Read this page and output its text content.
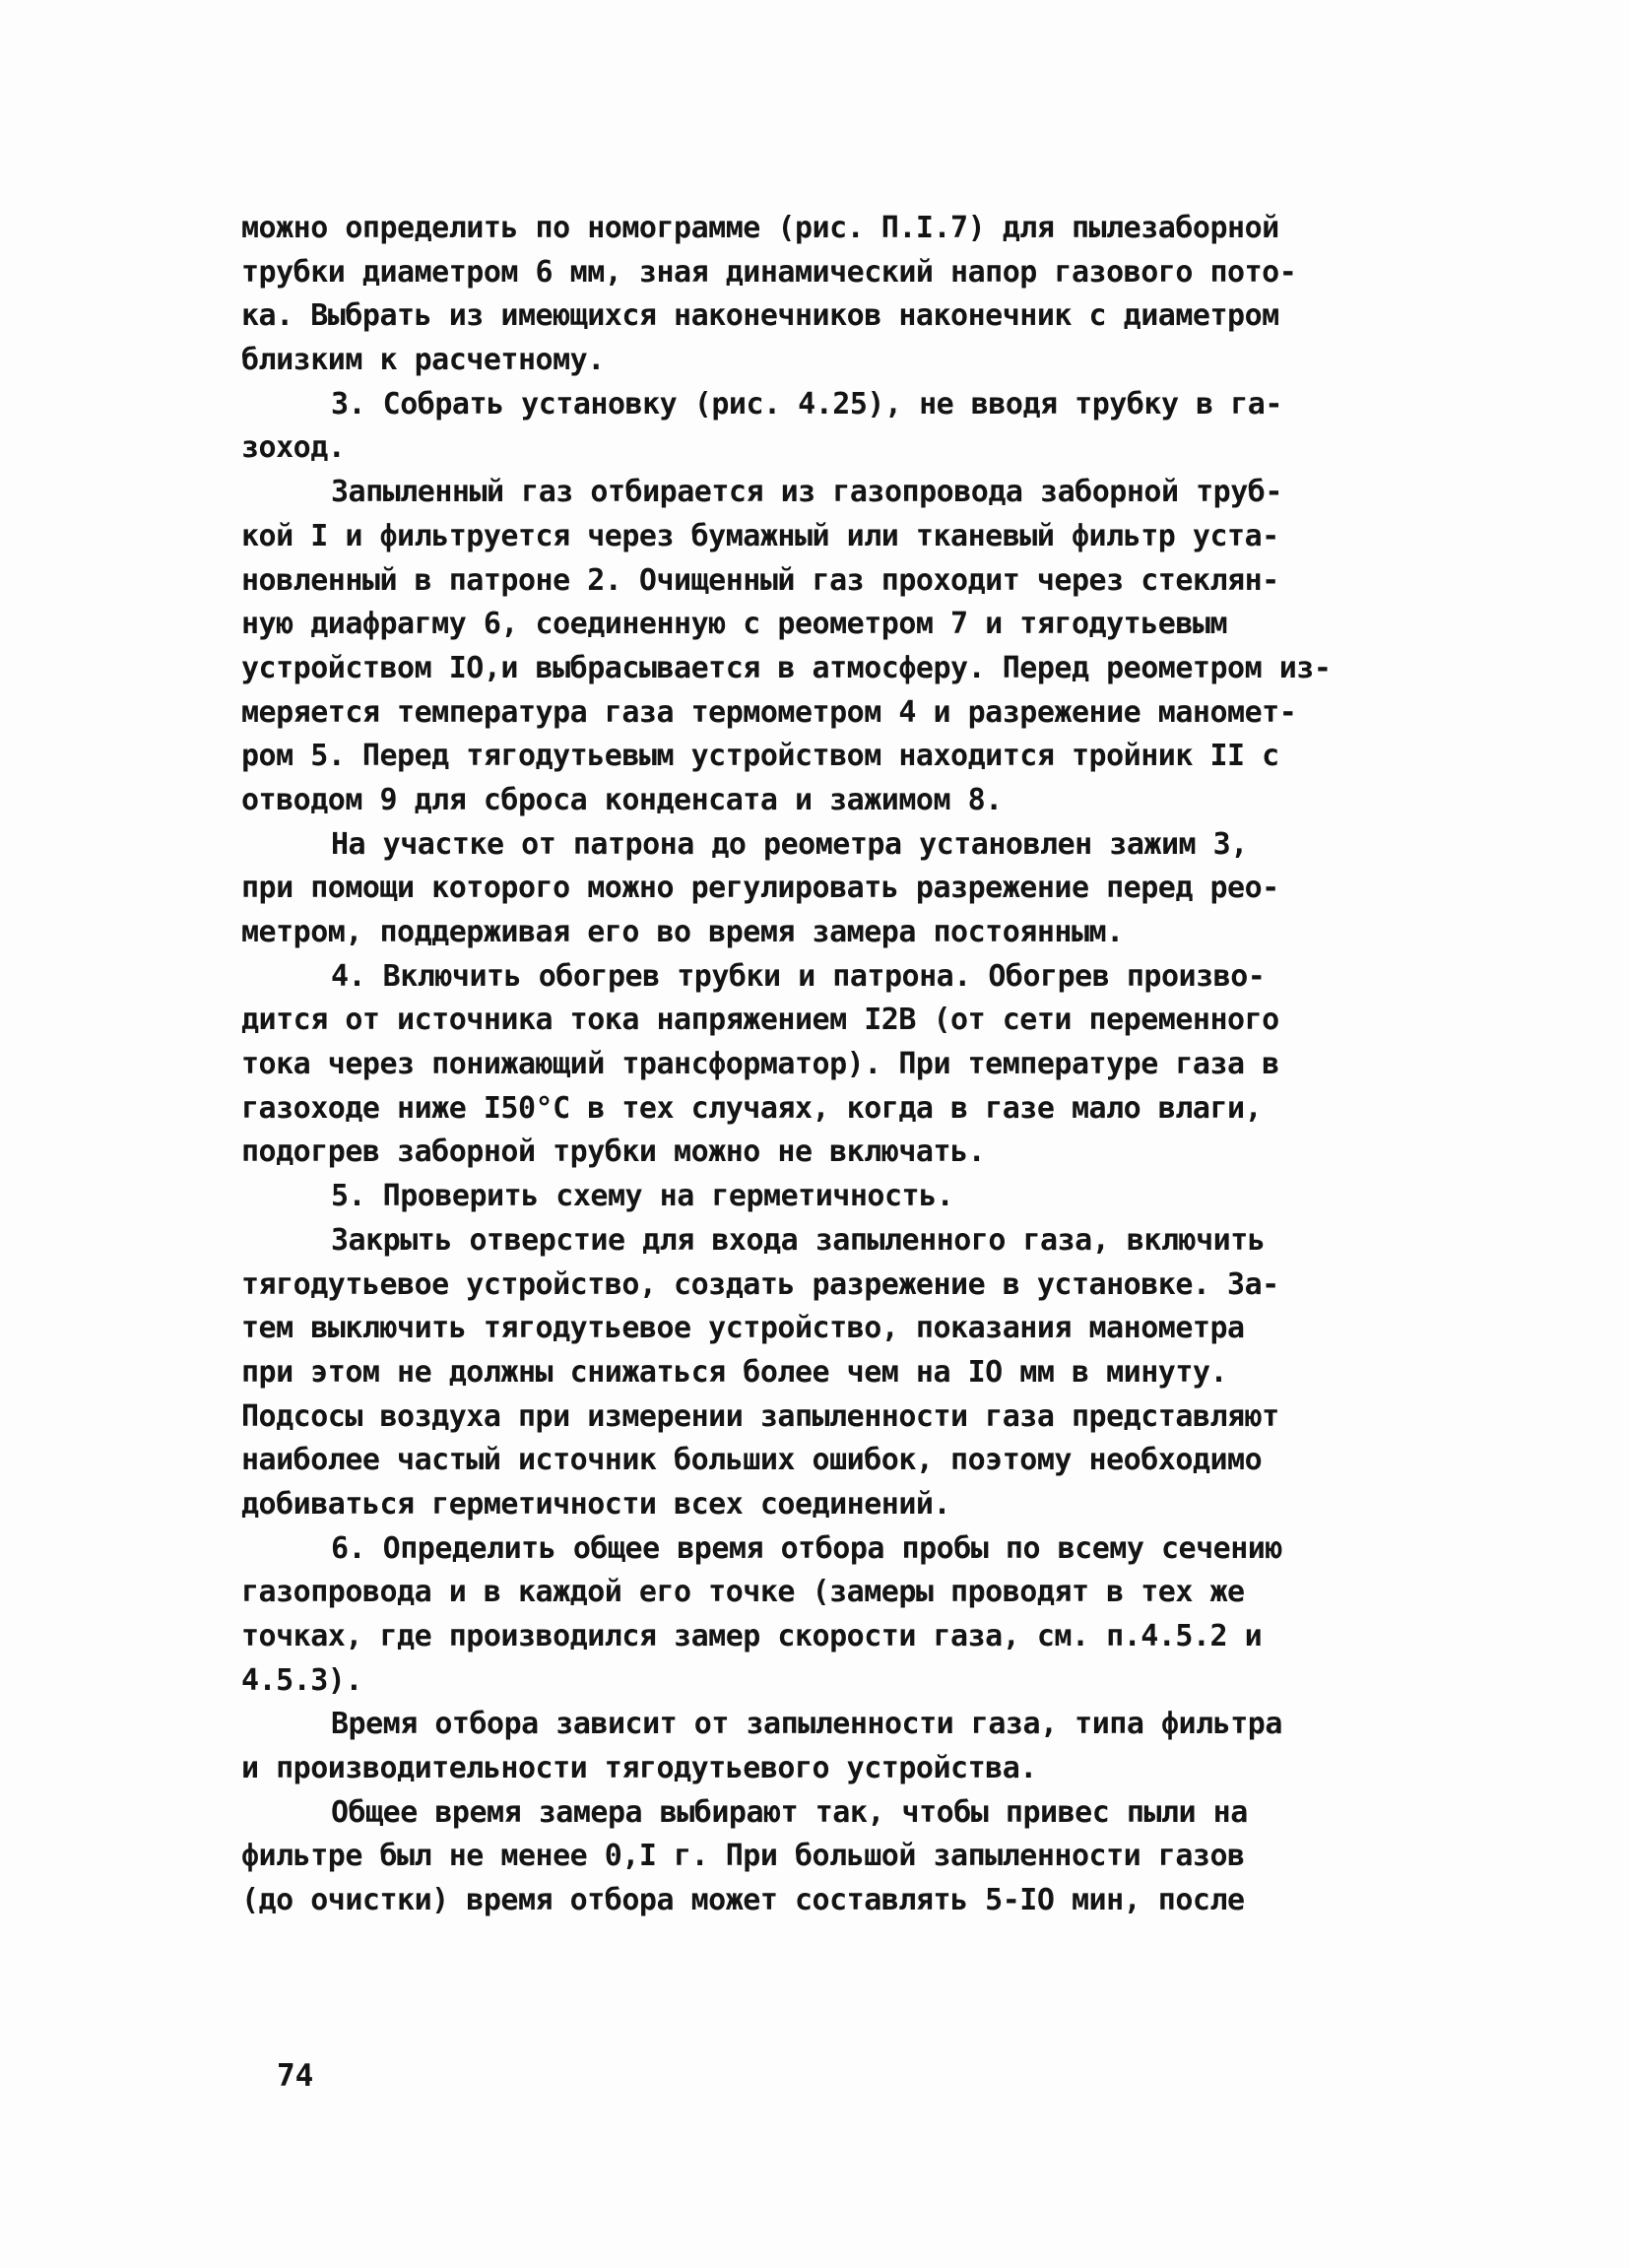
можно определить по номограмме (рис. П.I.7) для пылезаборной
трубки диаметром 6 мм, зная динамический напор газового пото-
ка. Выбрать из имеющихся наконечников наконечник с диаметром
близким к расчетному.
3. Собрать установку (рис. 4.25), не вводя трубку в га-
зоход.
Запыленный газ отбирается из газопровода заборной труб-
кой I и фильтруется через бумажный или тканевый фильтр уста-
новленный в патроне 2. Очищенный газ проходит через стеклян-
ную диафрагму 6, соединенную с реометром 7 и тягодутьевым
устройством IO,и выбрасывается в атмосферу. Перед реометром из-
меряется температура газа термометром 4 и разрежение маномет-
ром 5. Перед тягодутьевым устройством находится тройник II с
отводом 9 для сброса конденсата и зажимом 8.
На участке от патрона до реометра установлен зажим 3,
при помощи которого можно регулировать разрежение перед рео-
метром, поддерживая его во время замера постоянным.
4. Включить обогрев трубки и патрона. Обогрев произво-
дится от источника тока напряжением I2В (от сети переменного
тока через понижающий трансформатор). При температуре газа в
газоходе ниже I50°С в тех случаях, когда в газе мало влаги,
подогрев заборной трубки можно не включать.
5. Проверить схему на герметичность.
Закрыть отверстие для входа запыленного газа, включить
тягодутьевое устройство, создать разрежение в установке. За-
тем выключить тягодутьевое устройство, показания манометра
при этом не должны снижаться более чем на IO мм в минуту.
Подсосы воздуха при измерении запыленности газа представляют
наиболее частый источник больших ошибок, поэтому необходимо
добиваться герметичности всех соединений.
6. Определить общее время отбора пробы по всему сечению
газопровода и в каждой его точке (замеры проводят в тех же
точках, где производился замер скорости газа, см. п.4.5.2 и
4.5.3).
Время отбора зависит от запыленности газа, типа фильтра
и производительности тягодутьевого устройства.
Общее время замера выбирают так, чтобы привес пыли на
фильтре был не менее 0,I г. При большой запыленности газов
(до очистки) время отбора может составлять 5-IO мин, после
74
